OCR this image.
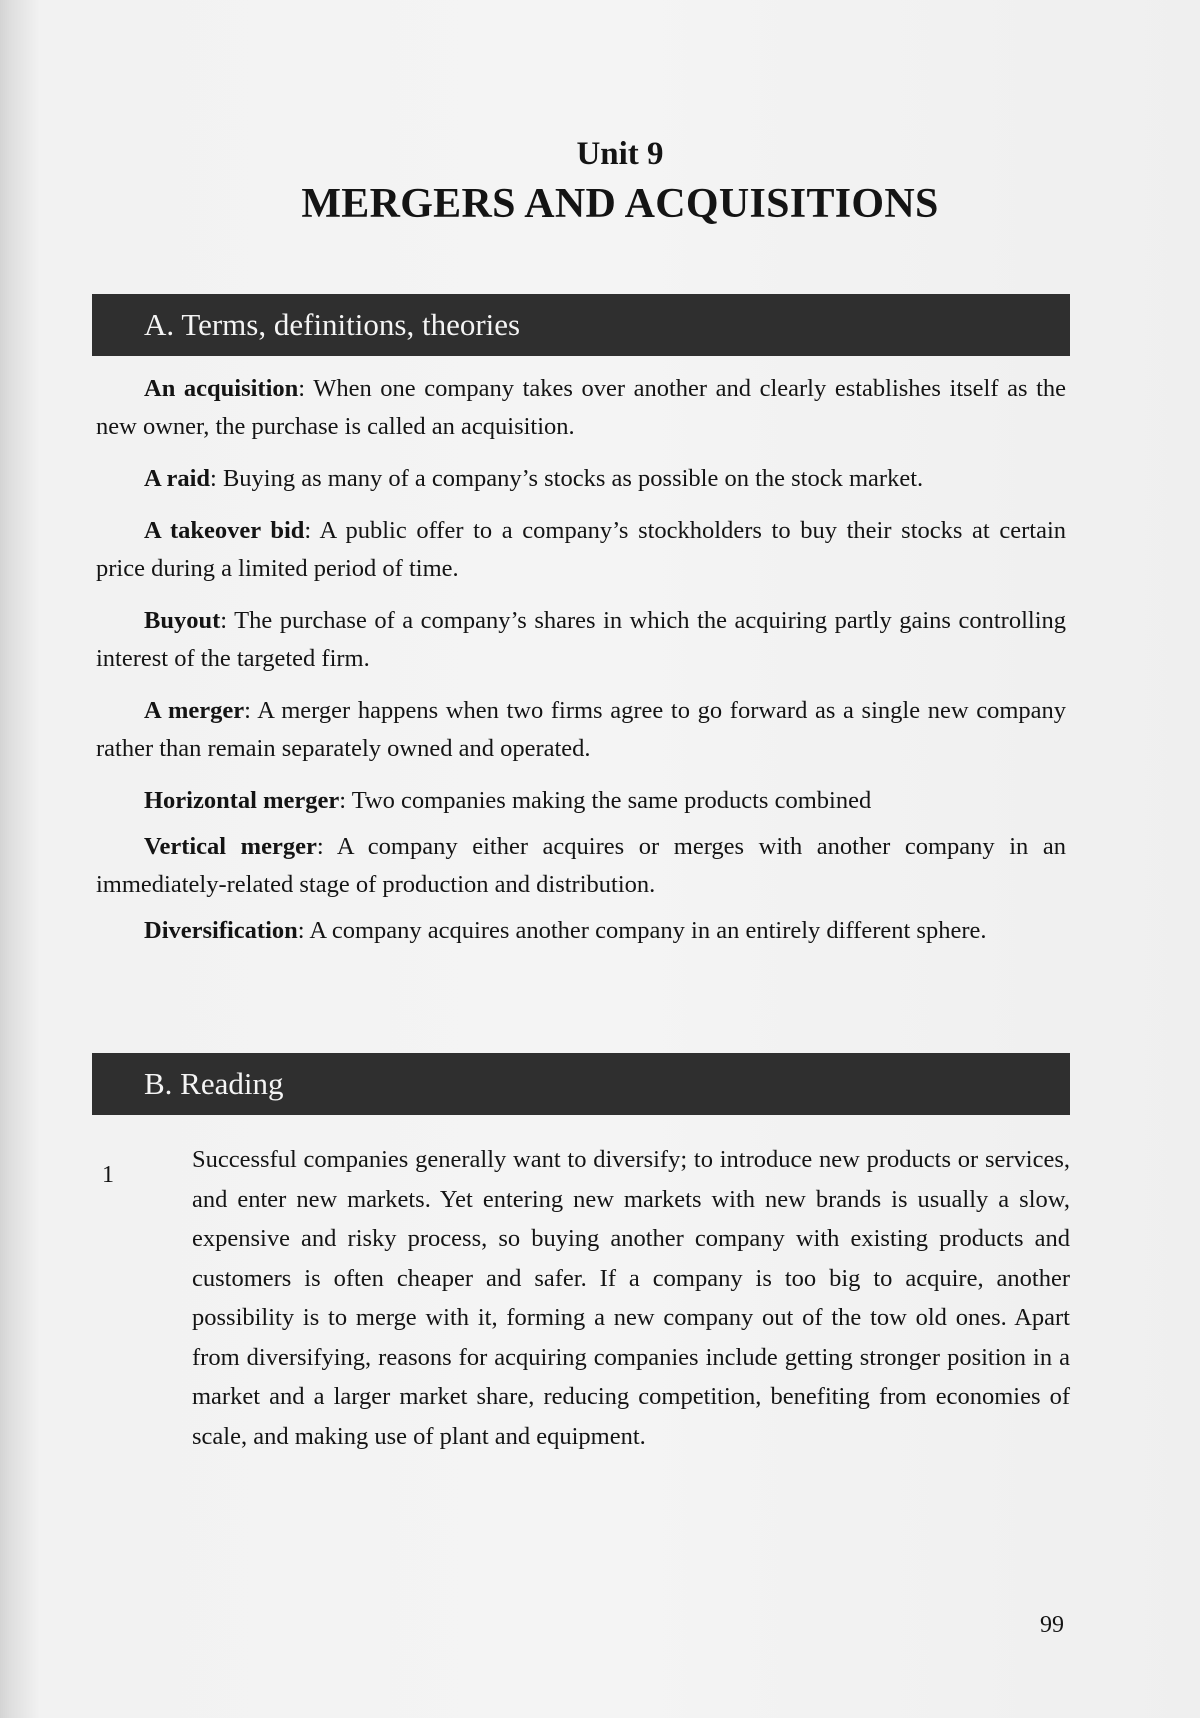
Unit 9
MERGERS AND ACQUISITIONS
A. Terms, definitions, theories

An acquisition: When one company takes over another and clearly establishes itself as the new owner, the purchase is called an acquisition.

A raid: Buying as many of a company’s stocks as possible on the stock market.

A takeover bid: A public offer to a company’s stockholders to buy their stocks at certain price during a limited period of time.

Buyout: The purchase of a company’s shares in which the acquiring partly gains controlling interest of the targeted firm.

A merger: A merger happens when two firms agree to go forward as a single new company rather than remain separately owned and operated.

Horizontal merger: Two companies making the same products combined

Vertical merger: A company either acquires or merges with another company in an immediately-related stage of production and distribution.

Diversification: A company acquires another company in an entirely different sphere.

B. Reading
1

Successful companies generally want to diversify; to introduce new products or services, and enter new markets. Yet entering new markets with new brands is usually a slow, expensive and risky process, so buying another company with existing products and customers is often cheaper and safer. If a company is too big to acquire, another possibility is to merge with it, forming a new company out of the tow old ones. Apart from diversifying, reasons for acquiring companies include getting stronger position in a market and a larger market share, reducing competition, benefiting from economies of scale, and making use of plant and equipment.

99
